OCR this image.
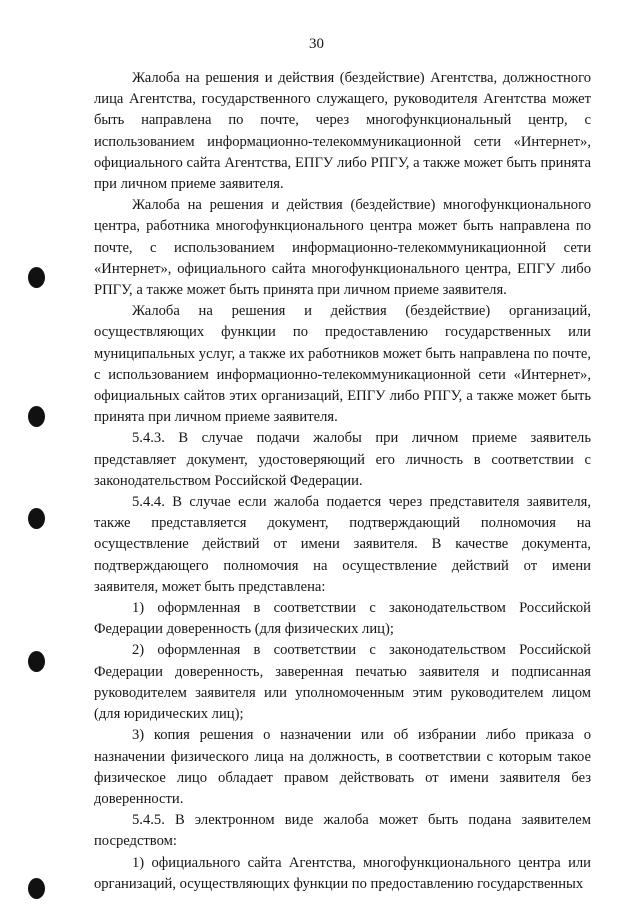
30

Жалоба на решения и действия (бездействие) Агентства, должностного лица Агентства, государственного служащего, руководителя Агентства может быть направлена по почте, через многофункциональный центр, с использованием информационно-телекоммуникационной сети «Интернет», официального сайта Агентства, ЕПГУ либо РПГУ, а также может быть принята при личном приеме заявителя.

Жалоба на решения и действия (бездействие) многофункционального центра, работника многофункционального центра может быть направлена по почте, с использованием информационно-телекоммуникационной сети «Интернет», официального сайта многофункционального центра, ЕПГУ либо РПГУ, а также может быть принята при личном приеме заявителя.

Жалоба на решения и действия (бездействие) организаций, осуществляющих функции по предоставлению государственных или муниципальных услуг, а также их работников может быть направлена по почте, с использованием информационно-телекоммуникационной сети «Интернет», официальных сайтов этих организаций, ЕПГУ либо РПГУ, а также может быть принята при личном приеме заявителя.

5.4.3. В случае подачи жалобы при личном приеме заявитель представляет документ, удостоверяющий его личность в соответствии с законодательством Российской Федерации.

5.4.4. В случае если жалоба подается через представителя заявителя, также представляется документ, подтверждающий полномочия на осуществление действий от имени заявителя. В качестве документа, подтверждающего полномочия на осуществление действий от имени заявителя, может быть представлена:

1) оформленная в соответствии с законодательством Российской Федерации доверенность (для физических лиц);

2) оформленная в соответствии с законодательством Российской Федерации доверенность, заверенная печатью заявителя и подписанная руководителем заявителя или уполномоченным этим руководителем лицом (для юридических лиц);

3) копия решения о назначении или об избрании либо приказа о назначении физического лица на должность, в соответствии с которым такое физическое лицо обладает правом действовать от имени заявителя без доверенности.

5.4.5. В электронном виде жалоба может быть подана заявителем посредством:

1) официального сайта Агентства, многофункционального центра или организаций, осуществляющих функции по предоставлению государственных
